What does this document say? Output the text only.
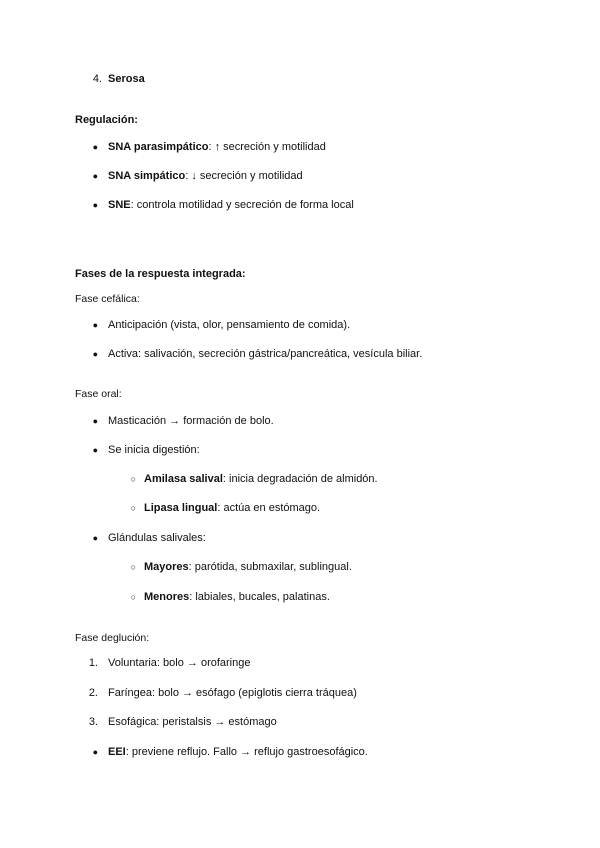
4. Serosa
Regulación:
●
SNA parasimpático: ↑ secreción y motilidad
●
SNA simpático: ↓ secreción y motilidad
●
SNE: controla motilidad y secreción de forma local
Fases de la respuesta integrada:
Fase cefálica:
●
Anticipación (vista, olor, pensamiento de comida).
●
Activa: salivación, secreción gástrica/pancreática, vesícula biliar.
Fase oral:
●
Masticación → formación de bolo.
●
Se inicia digestión:
○
Amilasa salival: inicia degradación de almidón.
○
Lipasa lingual: actúa en estómago.
●
Glándulas salivales:
○
Mayores: parótida, submaxilar, sublingual.
○
Menores: labiales, bucales, palatinas.
Fase deglución:
1. Voluntaria: bolo → orofaringe
2. Faríngea: bolo → esófago (epiglotis cierra tráquea)
3. Esofágica: peristalsis → estómago
●
EEI: previene reflujo. Fallo → reflujo gastroesofágico.
